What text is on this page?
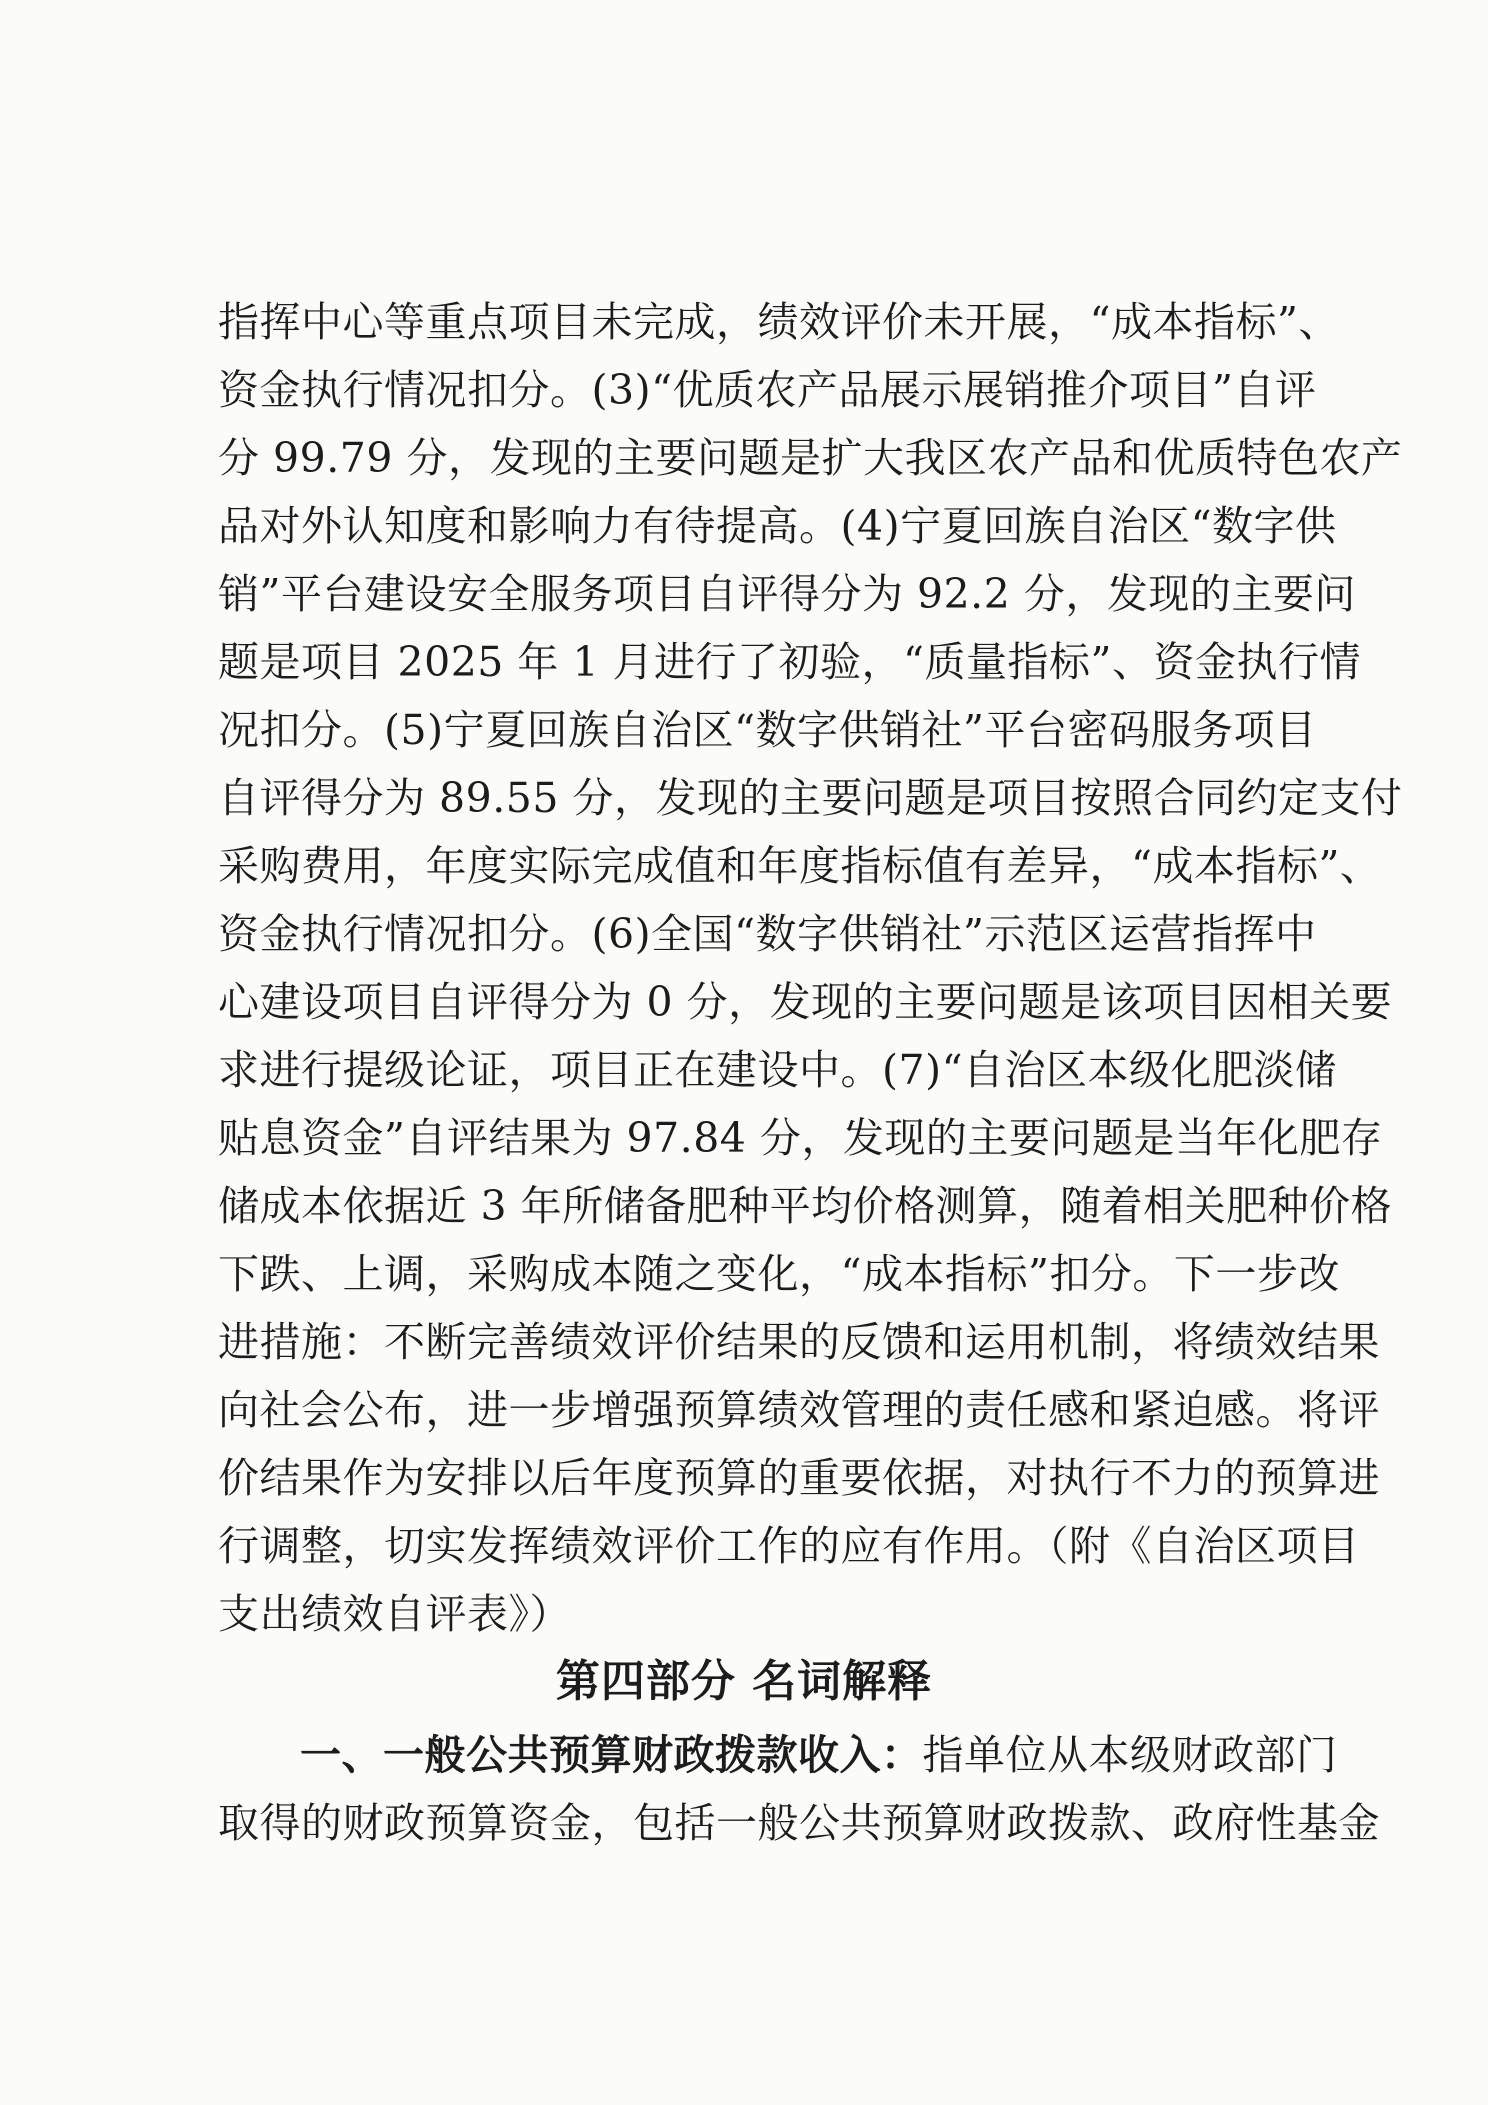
指挥中心等重点项目未完成，绩效评价未开展，“成本指标”、
资金执行情况扣分。(3)“优质农产品展示展销推介项目”自评
分 99.79 分，发现的主要问题是扩大我区农产品和优质特色农产
品对外认知度和影响力有待提高。(4)宁夏回族自治区“数字供
销”平台建设安全服务项目自评得分为 92.2 分，发现的主要问
题是项目 2025 年 1 月进行了初验，“质量指标”、资金执行情
况扣分。(5)宁夏回族自治区“数字供销社”平台密码服务项目
自评得分为 89.55 分，发现的主要问题是项目按照合同约定支付
采购费用，年度实际完成值和年度指标值有差异，“成本指标”、
资金执行情况扣分。(6)全国“数字供销社”示范区运营指挥中
心建设项目自评得分为 0 分，发现的主要问题是该项目因相关要
求进行提级论证，项目正在建设中。(7)“自治区本级化肥淡储
贴息资金”自评结果为 97.84 分，发现的主要问题是当年化肥存
储成本依据近 3 年所储备肥种平均价格测算，随着相关肥种价格
下跌、上调，采购成本随之变化，“成本指标”扣分。下一步改
进措施：不断完善绩效评价结果的反馈和运用机制，将绩效结果
向社会公布，进一步增强预算绩效管理的责任感和紧迫感。将评
价结果作为安排以后年度预算的重要依据，对执行不力的预算进
行调整，切实发挥绩效评价工作的应有作用。（附《自治区项目
支出绩效自评表》）
第四部分 名词解释
一、一般公共预算财政拨款收入：指单位从本级财政部门
取得的财政预算资金，包括一般公共预算财政拨款、政府性基金
